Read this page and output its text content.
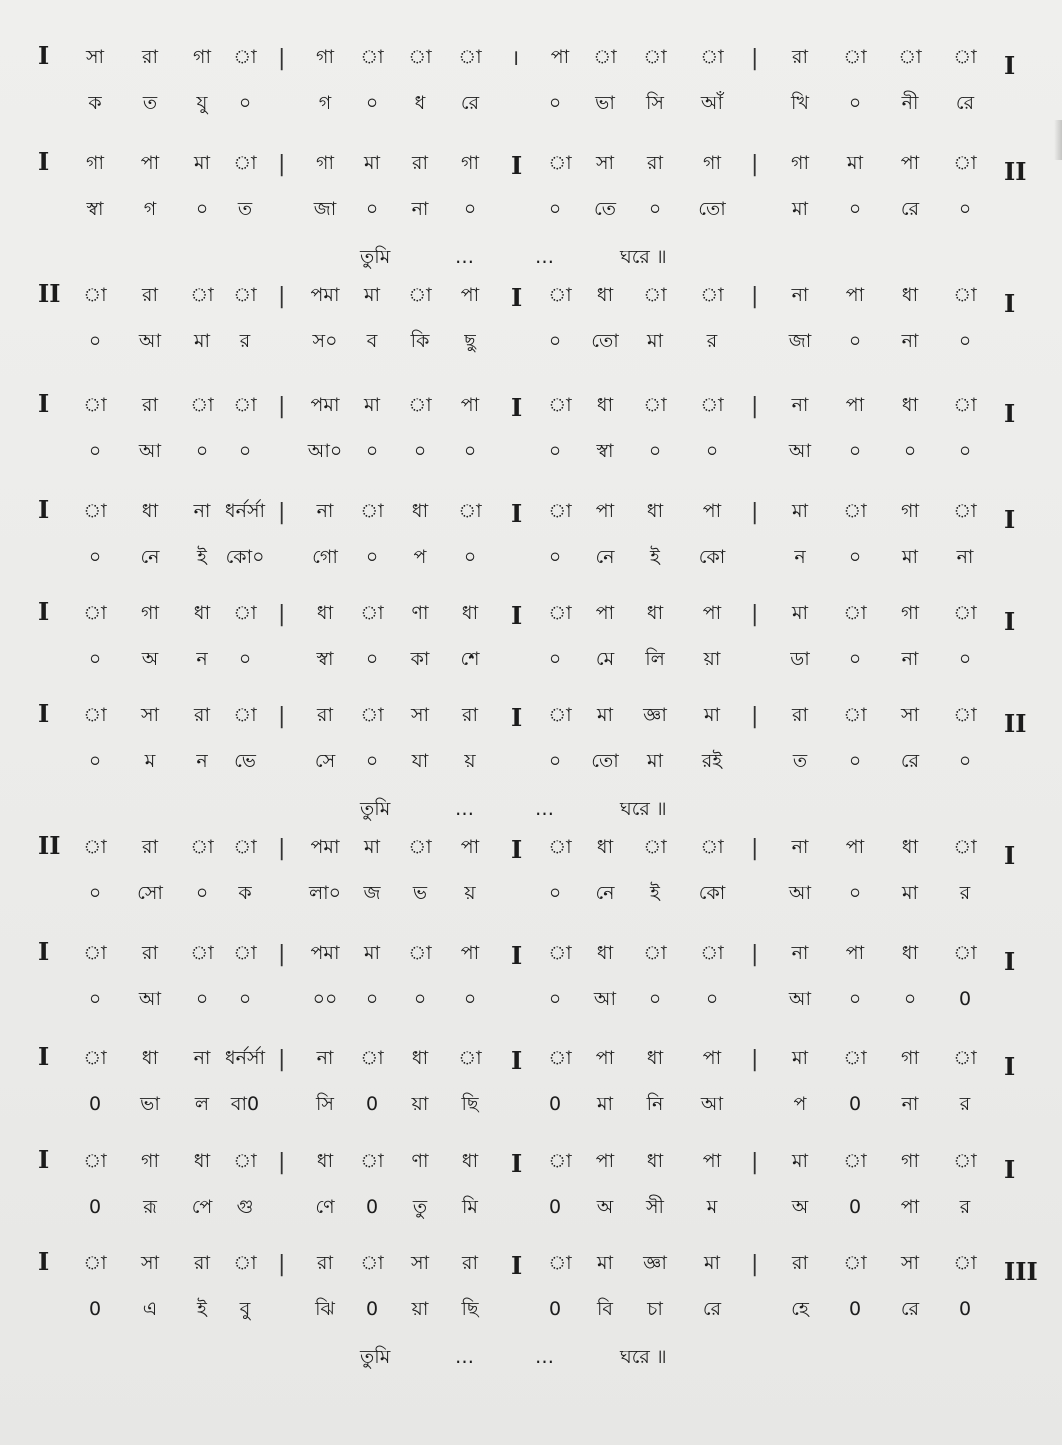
I	I
সা রা গা া | গা া া া । পা া া া | রা া া া
ক ত যু ০	গ ০ ধ রে	০ ভা সি আঁ	খি ০ নী রে
I	II
গা পা মা া | গা মা রা গা I া সা রা গা | গা মা পা া
স্বা গ ০ ত	জা ০ না ০	০ তে ০ তো	মা ০ রে ০
তুমি	…	…	ঘরে ॥
II	I
া রা া া | পমা মা া পা I া ধা া া | না পা ধা া
০ আ মা র	স০ ব কি ছু	০ তো মা র	জা ০ না ০
I	I
া রা া া | পমা মা া পা I া ধা া া | না পা ধা া
০ আ ০ ০	আ০ ০ ০ ০	০ স্বা ০ ০	আ ০ ০ ০
I	I
া ধা না ধর্নর্সা | না া ধা া I া পা ধা পা | মা া গা া
০ নে ই কো০	গো ০ প ০	০ নে ই কো	ন ০ মা না
I	I
া গা ধা া | ধা া ণা ধা I া পা ধা পা | মা া গা া
০ অ ন ০	স্বা ০ কা শে	০ মে লি য়া	ডা ০ না ০
I	II
া সা রা া | রা া সা রা I া মা জ্ঞা মা | রা া সা া
০ ম ন ভে	সে ০ যা য়	০ তো মা রই	ত ০ রে ০
তুমি	…	…	ঘরে ॥
II	I
া রা া া | পমা মা া পা I া ধা া া | না পা ধা া
০ সো ০ ক	লা০ জ ভ য়	০ নে ই কো	আ ০ মা র
I	I
া রা া া | পমা মা া পা I া ধা া া | না পা ধা া
০ আ ০ ০	০০ ০ ০ ০	০ আ ০ ০	আ ০ ০ 0
I	I
া ধা না ধর্নর্সা | না া ধা া I া পা ধা পা | মা া গা া
0 ভা ল বা0	সি 0 য়া ছি	0 মা নি আ	প 0 না র
I	I
া গা ধা া | ধা া ণা ধা I া পা ধা পা | মা া গা া
0 রূ পে গু	ণে 0 তু মি	0 অ সী ম	অ 0 পা র
I	III
া সা রা া | রা া সা রা I া মা জ্ঞা মা | রা া সা া
0 এ ই বু	ঝি 0 য়া ছি	0 বি চা রে	হে 0 রে 0
তুমি	…	…	ঘরে ॥
